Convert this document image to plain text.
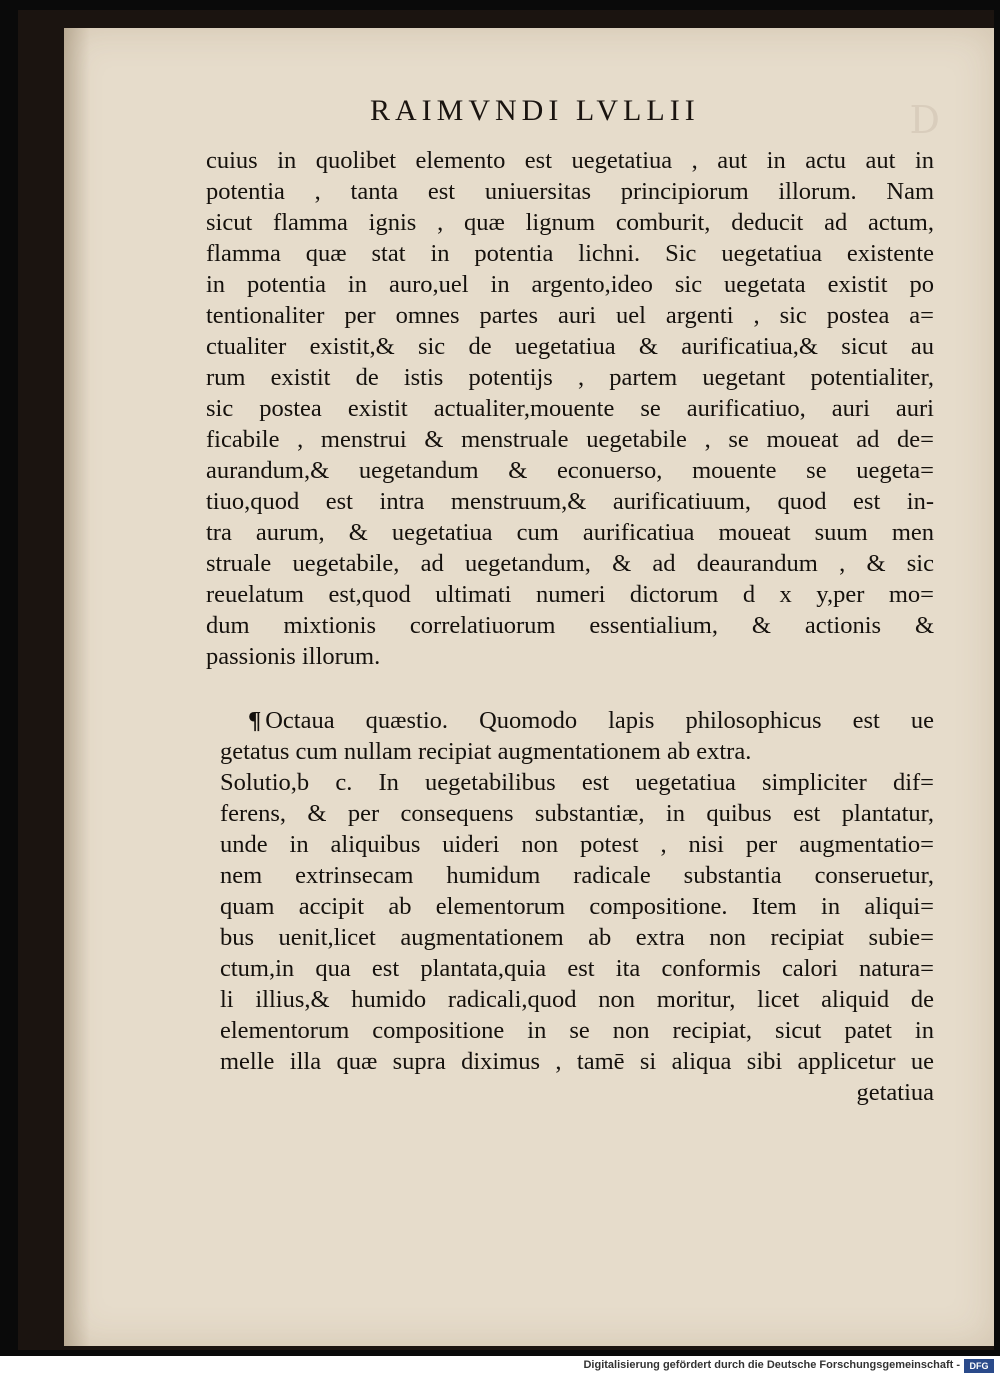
D
RAIMVNDI LVLLII
cuius in quolibet elemento est uegetatiua , aut in actu aut in
potentia , tanta est uniuersitas principiorum illorum. Nam
sicut flamma ignis , quæ lignum comburit, deducit ad actum,
flamma quæ stat in potentia lichni. Sic uegetatiua existente
in potentia in auro,uel in argento,ideo sic uegetata existit po
tentionaliter per omnes partes auri uel argenti , sic postea a=
ctualiter existit,& sic de uegetatiua & aurificatiua,& sicut au
rum existit de istis potentijs , partem uegetant potentialiter,
sic postea existit actualiter,mouente se aurificatiuo, auri auri
ficabile , menstrui & menstruale uegetabile , se moueat ad de=
aurandum,& uegetandum & econuerso, mouente se uegeta=
tiuo,quod est intra menstruum,& aurificatiuum, quod est in-
tra aurum, & uegetatiua cum aurificatiua moueat suum men
struale uegetabile, ad uegetandum, & ad deaurandum , & sic
reuelatum est,quod ultimati numeri dictorum d x y,per mo=
dum mixtionis correlatiuorum essentialium, & actionis &
passionis illorum.
¶ Octaua quæstio. Quomodo lapis philosophicus est ue
getatus cum nullam recipiat augmentationem ab extra.
Solutio,b c. In uegetabilibus est uegetatiua simpliciter dif=
ferens, & per consequens substantiæ, in quibus est plantatur,
unde in aliquibus uideri non potest , nisi per augmentatio=
nem extrinsecam humidum radicale substantia conseruetur,
quam accipit ab elementorum compositione. Item in aliqui=
bus uenit,licet augmentationem ab extra non recipiat subie=
ctum,in qua est plantata,quia est ita conformis calori natura=
li illius,& humido radicali,quod non moritur, licet aliquid de
elementorum compositione in se non recipiat, sicut patet in
melle illa quæ supra diximus , tamē si aliqua sibi applicetur ue
getatiua
Digitalisierung gefördert durch die Deutsche Forschungsgemeinschaft -	DFG
